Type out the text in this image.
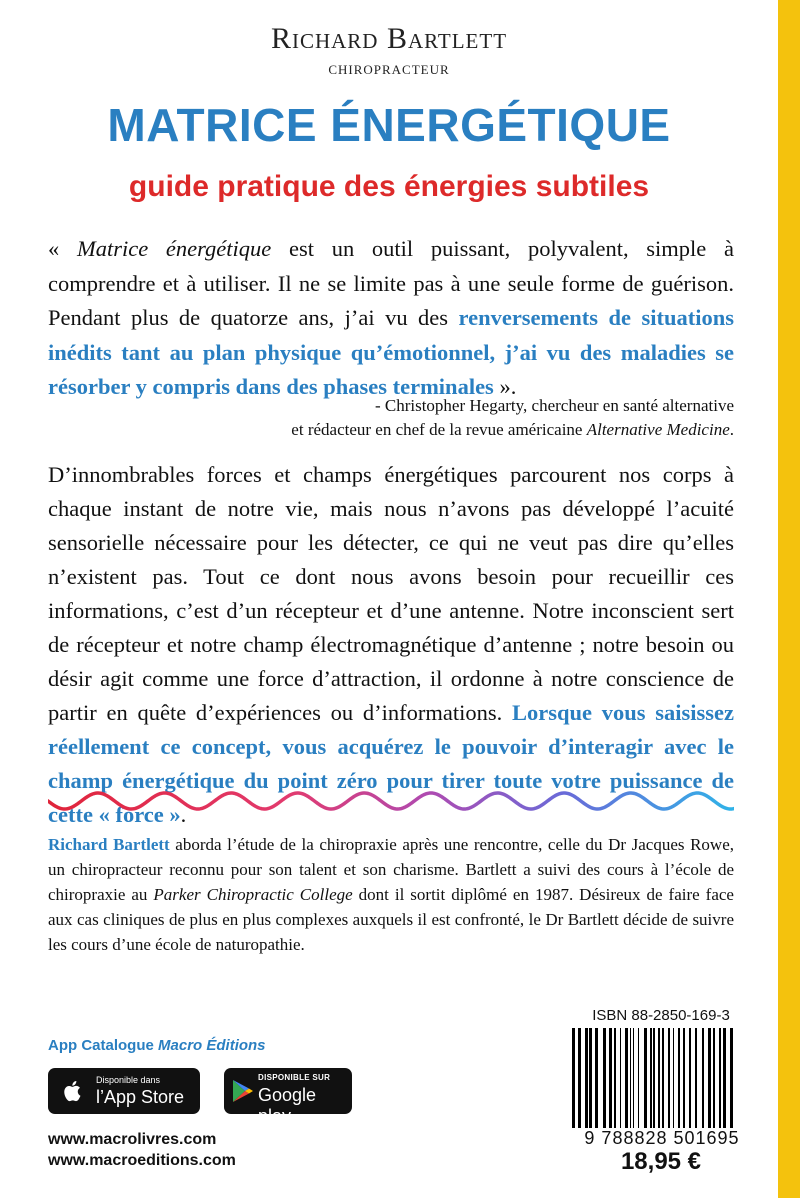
Richard Bartlett
chiropracteur
MATRICE ÉNERGÉTIQUE
guide pratique des énergies subtiles
« Matrice énergétique est un outil puissant, polyvalent, simple à comprendre et à utiliser. Il ne se limite pas à une seule forme de guérison. Pendant plus de quatorze ans, j’ai vu des renversements de situations inédits tant au plan physique qu’émotionnel, j’ai vu des maladies se résorber y compris dans des phases terminales ».
- Christopher Hegarty, chercheur en santé alternative
et rédacteur en chef de la revue américaine Alternative Medicine.
D’innombrables forces et champs énergétiques parcourent nos corps à chaque instant de notre vie, mais nous n’avons pas développé l’acuité sensorielle nécessaire pour les détecter, ce qui ne veut pas dire qu’elles n’existent pas. Tout ce dont nous avons besoin pour recueillir ces informations, c’est d’un récepteur et d’une antenne. Notre inconscient sert de récepteur et notre champ électromagnétique d’antenne ; notre besoin ou désir agit comme une force d’attraction, il ordonne à notre conscience de partir en quête d’expériences ou d’informations. Lorsque vous saisissez réellement ce concept, vous acquérez le pouvoir d’interagir avec le champ énergétique du point zéro pour tirer toute votre puissance de cette « force ».
Richard Bartlett aborda l’étude de la chiropraxie après une rencontre, celle du Dr Jacques Rowe, un chiropracteur reconnu pour son talent et son charisme. Bartlett a suivi des cours à l’école de chiropraxie au Parker Chiropractic College dont il sortit diplômé en 1987. Désireux de faire face aux cas cliniques de plus en plus complexes auxquels il est confronté, le Dr Bartlett décide de suivre les cours d’une école de naturopathie.
ISBN 88-2850-169-3
9 788828 501695
18,95 €
App Catalogue Macro Éditions
Disponible dans
l’App Store
DISPONIBLE SUR
Google play
www.macrolivres.com
www.macroeditions.com
